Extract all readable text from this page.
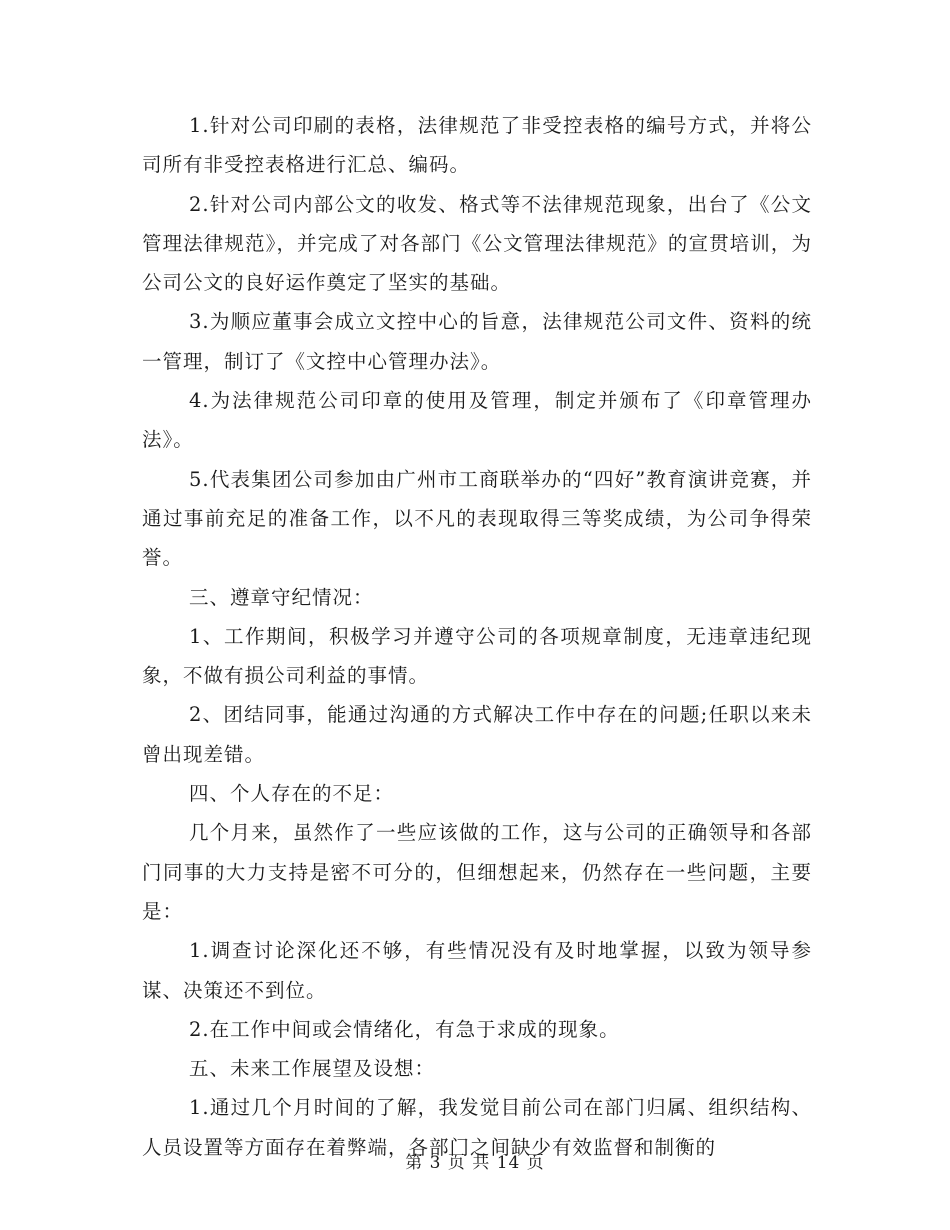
1.针对公司印刷的表格，法律规范了非受控表格的编号方式，并将公司所有非受控表格进行汇总、编码。

2.针对公司内部公文的收发、格式等不法律规范现象，出台了《公文管理法律规范》，并完成了对各部门《公文管理法律规范》的宣贯培训，为公司公文的良好运作奠定了坚实的基础。

3.为顺应董事会成立文控中心的旨意，法律规范公司文件、资料的统一管理，制订了《文控中心管理办法》。

4.为法律规范公司印章的使用及管理，制定并颁布了《印章管理办法》。

5.代表集团公司参加由广州市工商联举办的“四好”教育演讲竞赛，并通过事前充足的准备工作，以不凡的表现取得三等奖成绩，为公司争得荣誉。

三、遵章守纪情况：

1、工作期间，积极学习并遵守公司的各项规章制度，无违章违纪现象，不做有损公司利益的事情。

2、团结同事，能通过沟通的方式解决工作中存在的问题;任职以来未曾出现差错。

四、个人存在的不足：

几个月来，虽然作了一些应该做的工作，这与公司的正确领导和各部门同事的大力支持是密不可分的，但细想起来，仍然存在一些问题，主要是：

1.调查讨论深化还不够，有些情况没有及时地掌握，以致为领导参谋、决策还不到位。

2.在工作中间或会情绪化，有急于求成的现象。

五、未来工作展望及设想：

1.通过几个月时间的了解，我发觉目前公司在部门归属、组织结构、人员设置等方面存在着弊端，各部门之间缺少有效监督和制衡的

第 3 页 共 14 页
